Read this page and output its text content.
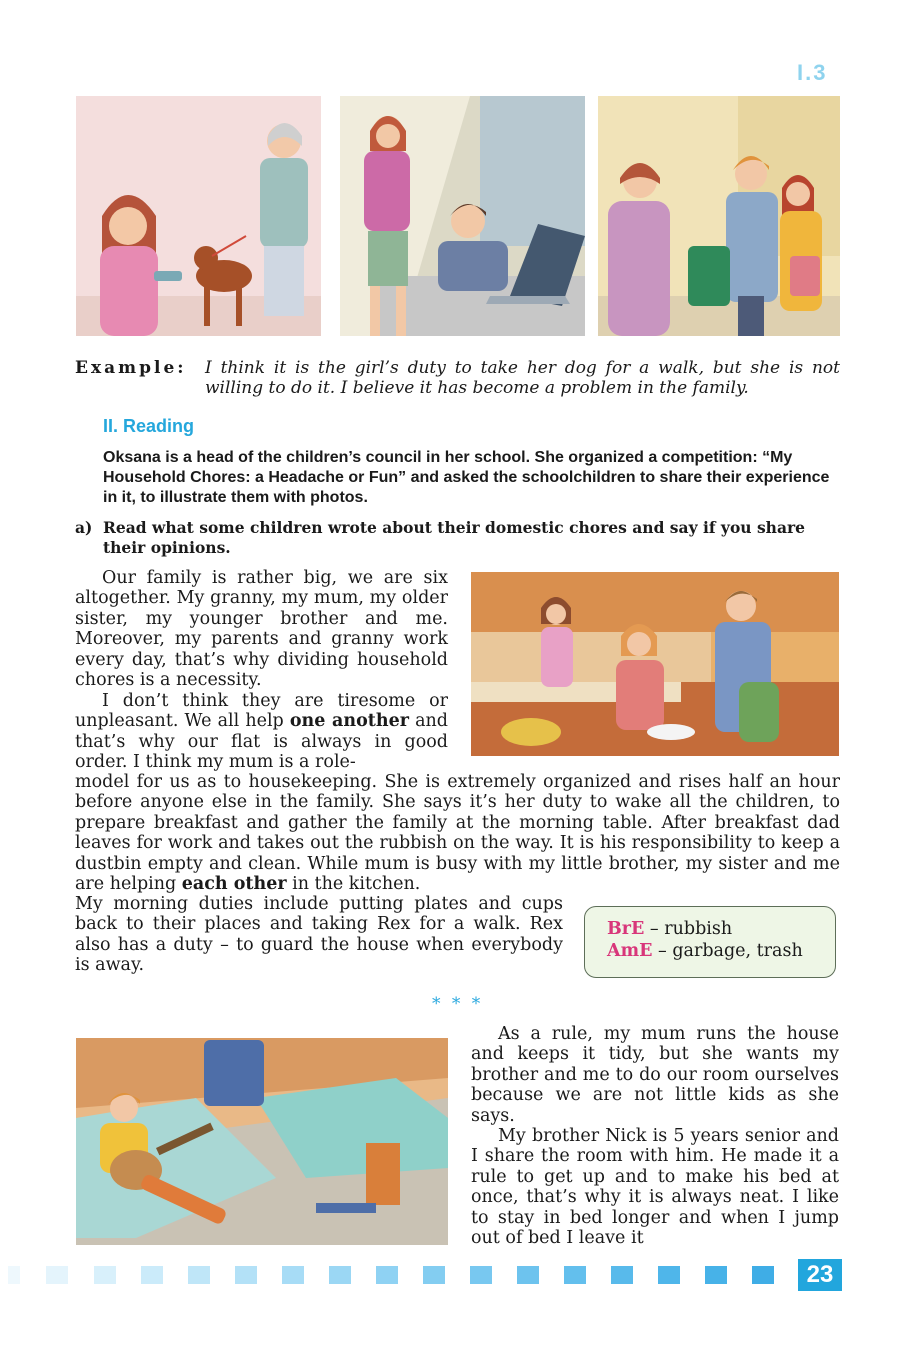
I.3
Example: I think it is the girl’s duty to take her dog for a walk, but she is not willing to do it. I believe it has become a problem in the family.
II. Reading
Oksana is a head of the children’s council in her school. She organized a competition: “My Household Chores: a Headache or Fun” and asked the schoolchildren to share their experience in it, to illustrate them with photos.
a) Read what some children wrote about their domestic chores and say if you share their opinions.

Our family is rather big, we are six altogether. My granny, my mum, my older sister, my younger brother and me. Moreover, my parents and granny work every day, that’s why dividing household chores is a necessity.

I don’t think they are tiresome or unpleasant. We all help one another and that’s why our flat is always in good order. I think my mum is a role-

model for us as to housekeeping. She is extremely organized and rises half an hour before anyone else in the family. She says it’s her duty to wake all the children, to prepare breakfast and gather the family at the morning table. After breakfast dad leaves for work and takes out the rubbish on the way. It is his responsibility to keep a dustbin empty and clean. While mum is busy with my little brother, my sister and me are helping each other in the kitchen.

My morning duties include putting plates and cups back to their places and taking Rex for a walk. Rex also has a duty – to guard the house when everybody is away.

BrE – rubbish
AmE – garbage, trash
* * *

As a rule, my mum runs the house and keeps it tidy, but she wants my brother and me to do our room ourselves because we are not little kids as she says.

My brother Nick is 5 years senior and I share the room with him. He made it a rule to get up and to make his bed at once, that’s why it is always neat. I like to stay in bed longer and when I jump out of bed I leave it

23
